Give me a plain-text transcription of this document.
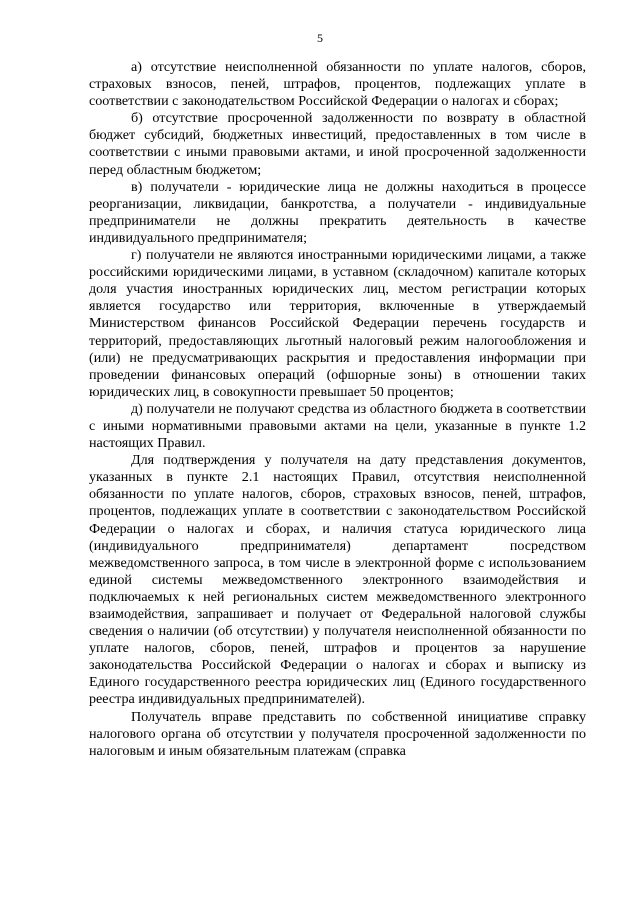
5

а) отсутствие неисполненной обязанности по уплате налогов, сборов, страховых взносов, пеней, штрафов, процентов, подлежащих уплате в соответствии с законодательством Российской Федерации о налогах и сборах;

б) отсутствие просроченной задолженности по возврату в областной бюджет субсидий, бюджетных инвестиций, предоставленных в том числе в соответствии с иными правовыми актами, и иной просроченной задолженности перед областным бюджетом;

в) получатели - юридические лица не должны находиться в процессе реорганизации, ликвидации, банкротства, а получатели - индивидуальные предприниматели не должны прекратить деятельность в качестве индивидуального предпринимателя;

г) получатели не являются иностранными юридическими лицами, а также российскими юридическими лицами, в уставном (складочном) капитале которых доля участия иностранных юридических лиц, местом регистрации которых является государство или территория, включенные в утверждаемый Министерством финансов Российской Федерации перечень государств и территорий, предоставляющих льготный налоговый режим налогообложения и (или) не предусматривающих раскрытия и предоставления информации при проведении финансовых операций (офшорные зоны) в отношении таких юридических лиц, в совокупности превышает 50 процентов;

д) получатели не получают средства из областного бюджета в соответствии с иными нормативными правовыми актами на цели, указанные в пункте 1.2 настоящих Правил.

Для подтверждения у получателя на дату представления документов, указанных в пункте 2.1 настоящих Правил, отсутствия неисполненной обязанности по уплате налогов, сборов, страховых взносов, пеней, штрафов, процентов, подлежащих уплате в соответствии с законодательством Российской Федерации о налогах и сборах, и наличия статуса юридического лица (индивидуального предпринимателя) департамент посредством межведомственного запроса, в том числе в электронной форме с использованием единой системы межведомственного электронного взаимодействия и подключаемых к ней региональных систем межведомственного электронного взаимодействия, запрашивает и получает от Федеральной налоговой службы сведения о наличии (об отсутствии) у получателя неисполненной обязанности по уплате налогов, сборов, пеней, штрафов и процентов за нарушение законодательства Российской Федерации о налогах и сборах и выписку из Единого государственного реестра юридических лиц (Единого государственного реестра индивидуальных предпринимателей).

Получатель вправе представить по собственной инициативе справку налогового органа об отсутствии у получателя просроченной задолженности по налоговым и иным обязательным платежам (справка
